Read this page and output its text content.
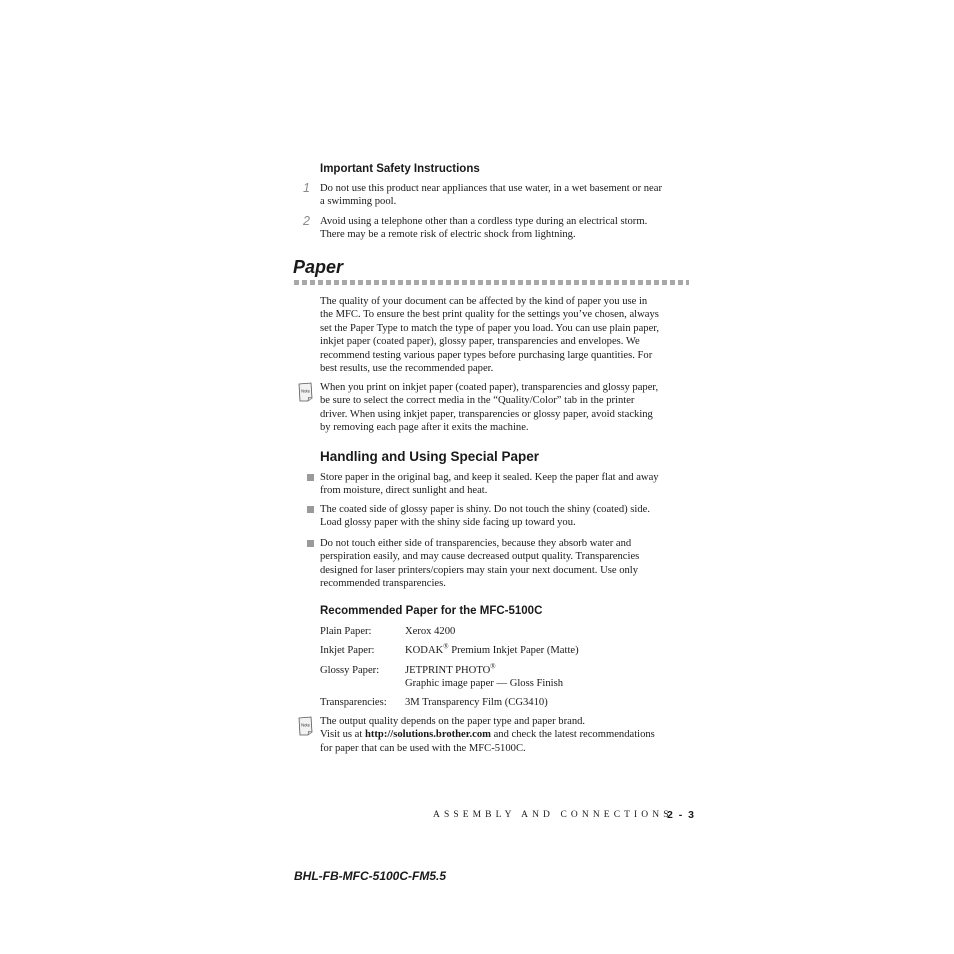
Important Safety Instructions
1 Do not use this product near appliances that use water, in a wet basement or near
a swimming pool.
2 Avoid using a telephone other than a cordless type during an electrical storm.
There may be a remote risk of electric shock from lightning.
Paper
The quality of your document can be affected by the kind of paper you use in
the MFC. To ensure the best print quality for the settings you’ve chosen, always
set the Paper Type to match the type of paper you load. You can use plain paper,
inkjet paper (coated paper), glossy paper, transparencies and envelopes. We
recommend testing various paper types before purchasing large quantities. For
best results, use the recommended paper.
Note When you print on inkjet paper (coated paper), transparencies and glossy paper,
be sure to select the correct media in the “Quality/Color” tab in the printer
driver. When using inkjet paper, transparencies or glossy paper, avoid stacking
by removing each page after it exits the machine.
Handling and Using Special Paper
Store paper in the original bag, and keep it sealed. Keep the paper flat and away
from moisture, direct sunlight and heat.
The coated side of glossy paper is shiny. Do not touch the shiny (coated) side.
Load glossy paper with the shiny side facing up toward you.
Do not touch either side of transparencies, because they absorb water and
perspiration easily, and may cause decreased output quality. Transparencies
designed for laser printers/copiers may stain your next document. Use only
recommended transparencies.
Recommended Paper for the MFC-5100C
Plain Paper:	Xerox 4200
Inkjet Paper:	KODAK® Premium Inkjet Paper (Matte)
Glossy Paper: JETPRINT PHOTO®
Graphic image paper — Gloss Finish
Transparencies: 3M Transparency Film (CG3410)
Note The output quality depends on the paper type and paper brand.
Visit us at http://solutions.brother.com and check the latest recommendations
for paper that can be used with the MFC-5100C.
ASSEMBLY AND CONNECTIONS
2 - 3
BHL-FB-MFC-5100C-FM5.5
